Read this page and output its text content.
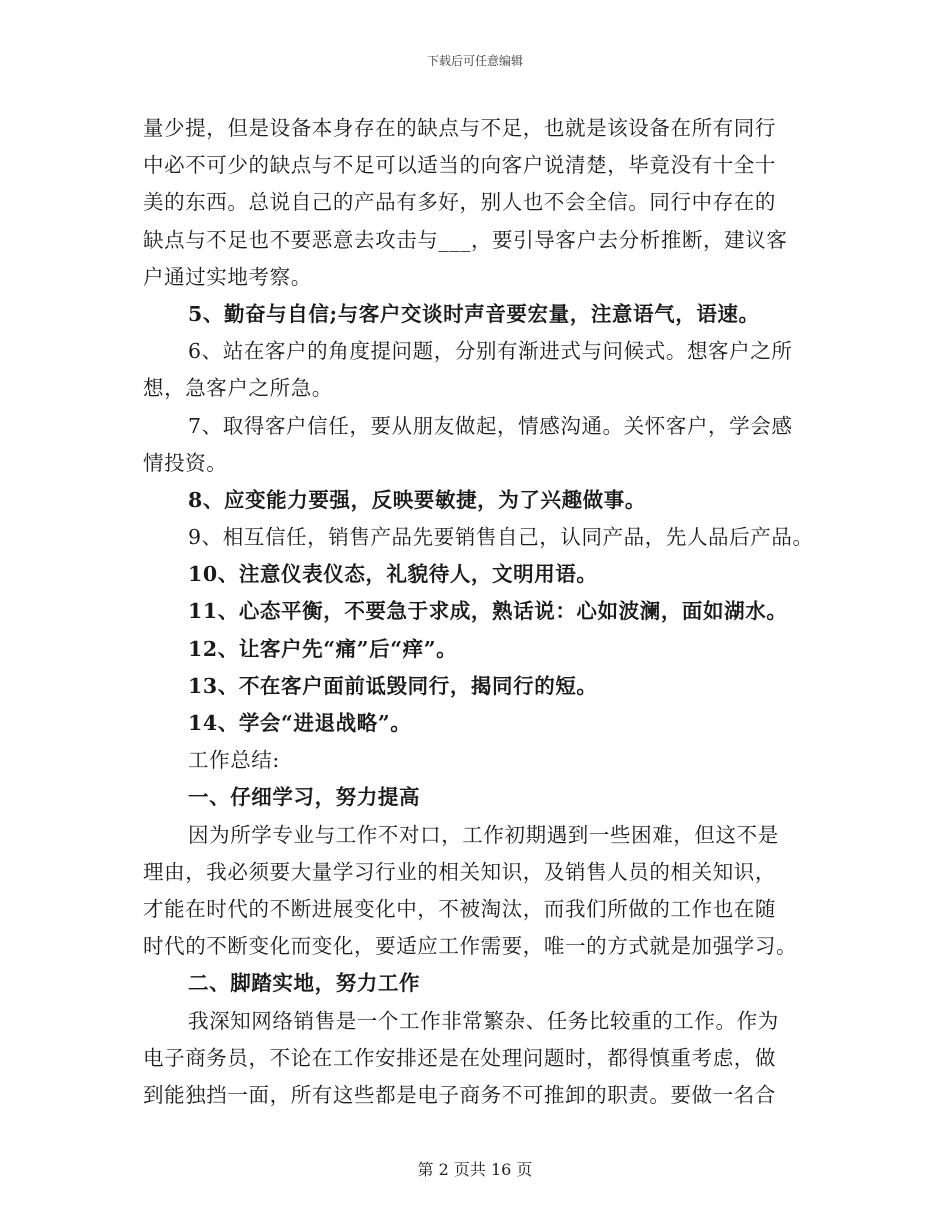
下载后可任意编辑
量少提，但是设备本身存在的缺点与不足，也就是该设备在所有同行
中必不可少的缺点与不足可以适当的向客户说清楚，毕竟没有十全十
美的东西。总说自己的产品有多好，别人也不会全信。同行中存在的
缺点与不足也不要恶意去攻击与___，要引导客户去分析推断，建议客
户通过实地考察。
5、勤奋与自信;与客户交谈时声音要宏量，注意语气，语速。
6、站在客户的角度提问题，分别有渐进式与问候式。想客户之所
想，急客户之所急。
7、取得客户信任，要从朋友做起，情感沟通。关怀客户，学会感
情投资。
8、应变能力要强，反映要敏捷，为了兴趣做事。
9、相互信任，销售产品先要销售自己，认同产品，先人品后产品。
10、注意仪表仪态，礼貌待人，文明用语。
11、心态平衡，不要急于求成，熟话说：心如波澜，面如湖水。
12、让客户先“痛”后“痒”。
13、不在客户面前诋毁同行，揭同行的短。
14、学会“进退战略”。
工作总结:
一、仔细学习，努力提高
因为所学专业与工作不对口，工作初期遇到一些困难，但这不是
理由，我必须要大量学习行业的相关知识，及销售人员的相关知识，
才能在时代的不断进展变化中，不被淘汰，而我们所做的工作也在随
时代的不断变化而变化，要适应工作需要，唯一的方式就是加强学习。
二、脚踏实地，努力工作
我深知网络销售是一个工作非常繁杂、任务比较重的工作。作为
电子商务员，不论在工作安排还是在处理问题时，都得慎重考虑，做
到能独挡一面，所有这些都是电子商务不可推卸的职责。要做一名合
第 2 页共 16 页
